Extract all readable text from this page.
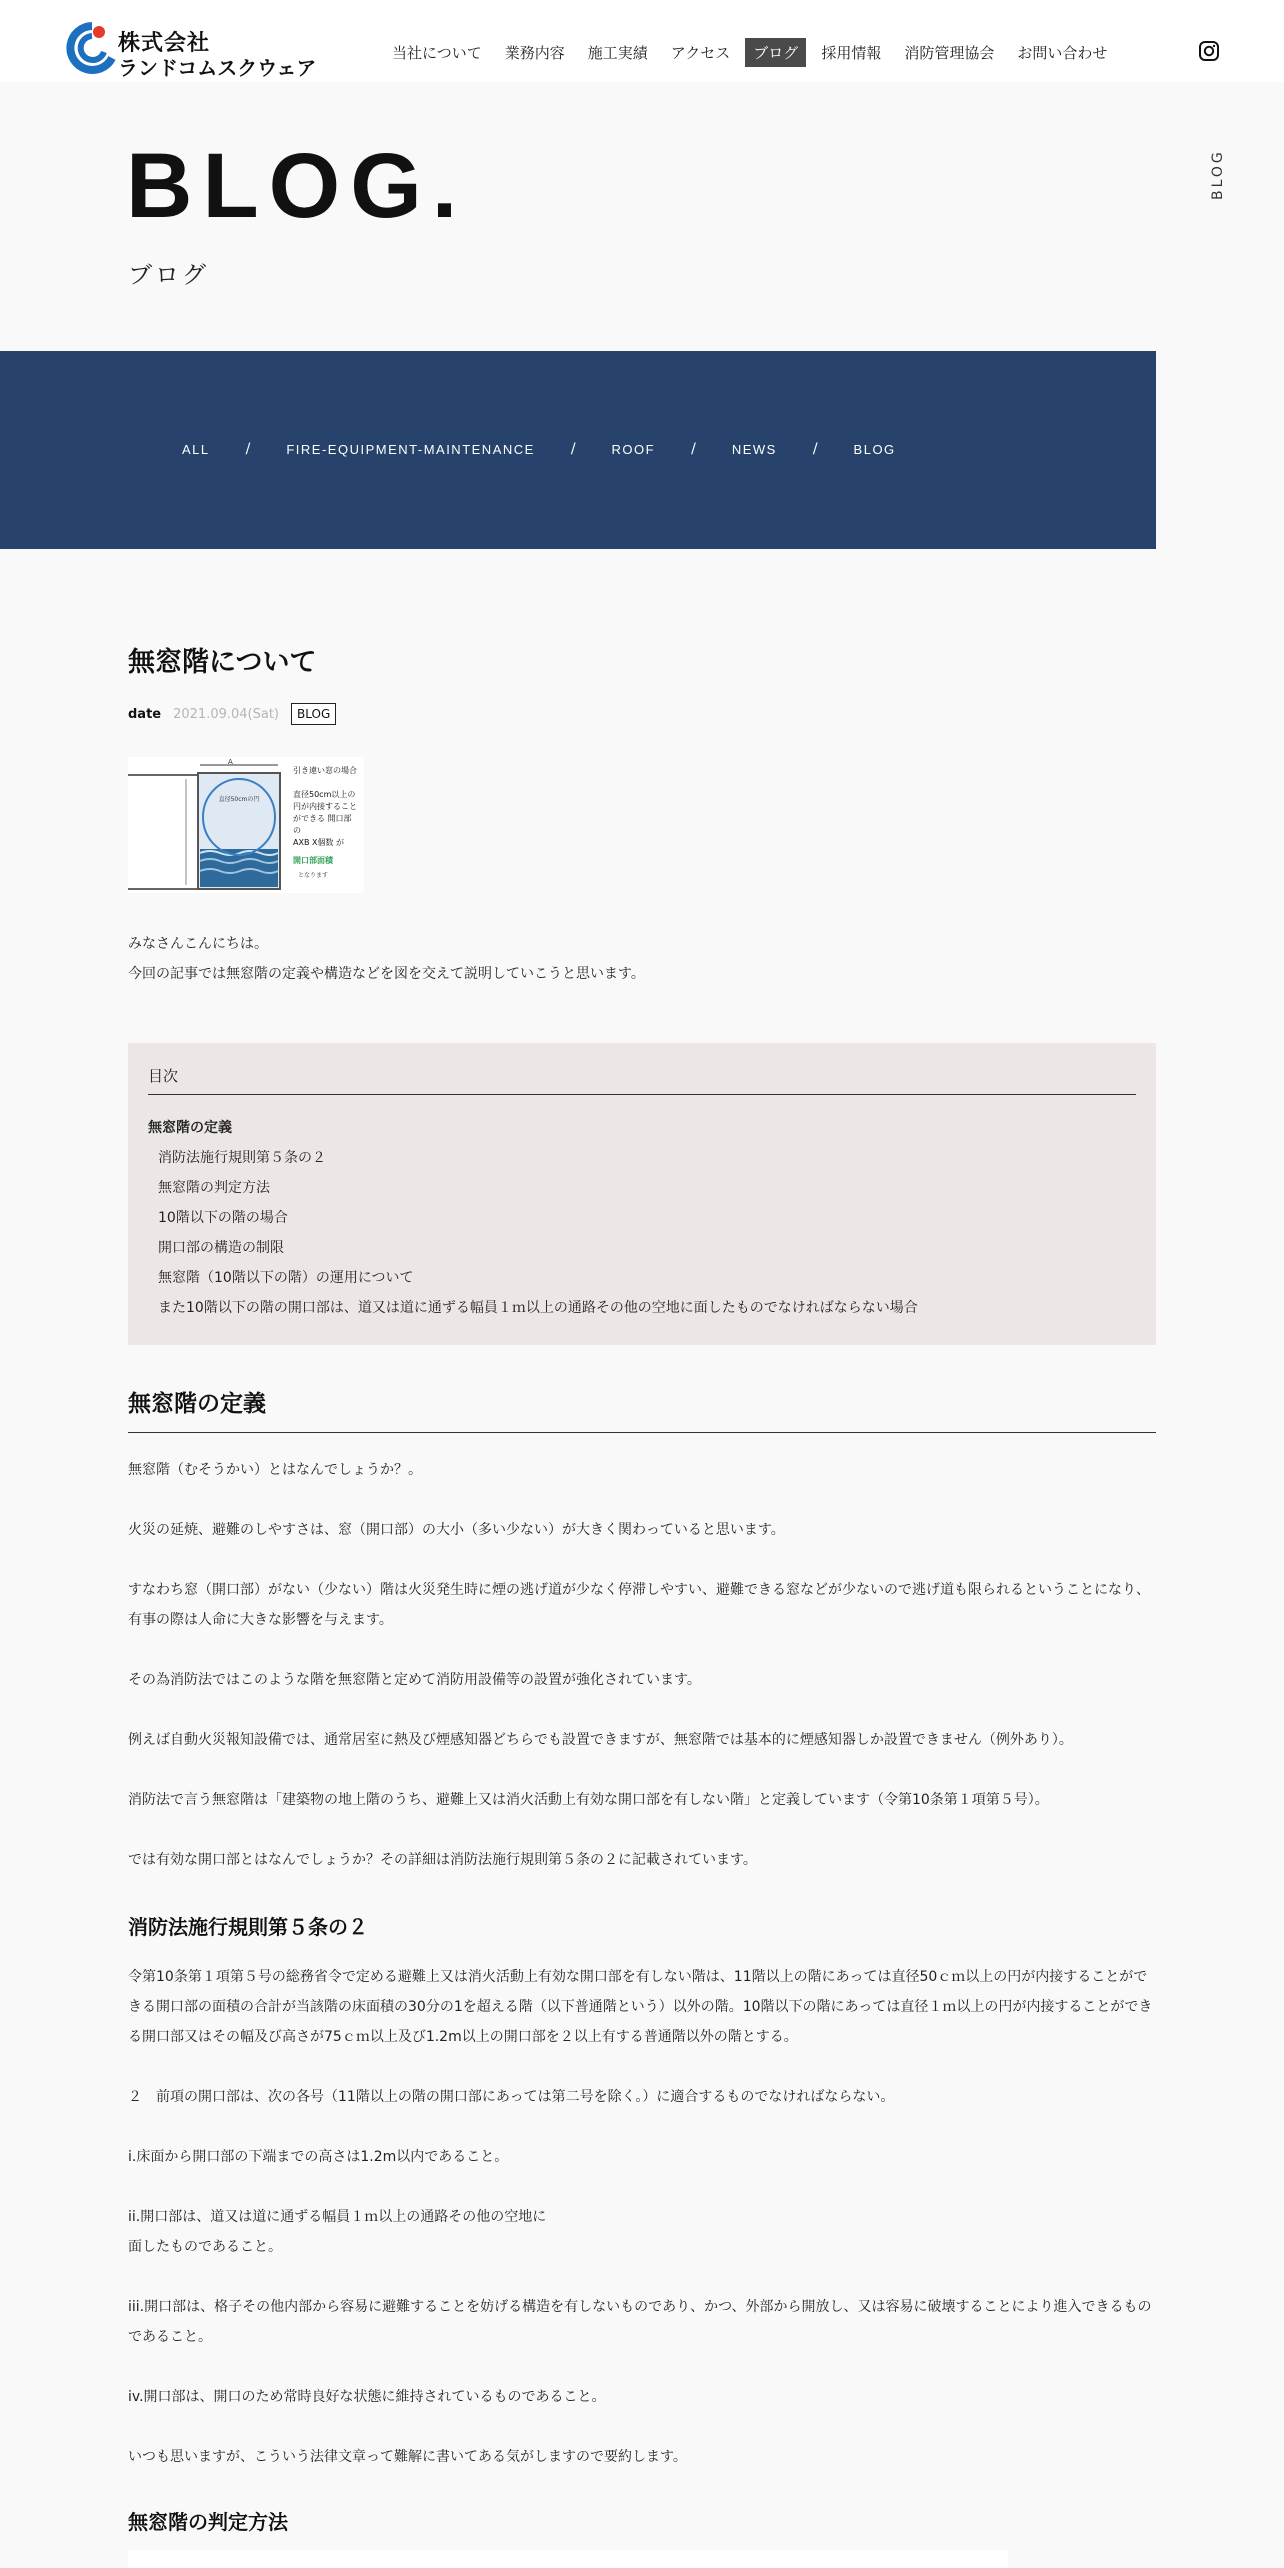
株式会社
ランドコムスクウェア
当社について	業務内容	施工実績	アクセス	ブログ	採用情報	消防管理協会	お問い合わせ
BLOG.
ブログ
BLOG
ALL	/	FIRE-EQUIPMENT-MAINTENANCE	/	ROOF	/	NEWS	/	BLOG
無窓階について
date 2021.09.04(Sat)	BLOG
直径50cmの円
A
引き違い窓の場合
直径50cm以上の
円が内接すること
ができる 開口部
の
AXB X個数 が
開口部面積
となります

みなさんこんにちは。

今回の記事では無窓階の定義や構造などを図を交えて説明していこうと思います。

目次
無窓階の定義
消防法施行規則第５条の２
無窓階の判定方法
10階以下の階の場合
開口部の構造の制限
無窓階（10階以下の階）の運用について
また10階以下の階の開口部は、道又は道に通ずる幅員１ｍ以上の通路その他の空地に面したものでなければならない場合
無窓階の定義

無窓階（むそうかい）とはなんでしょうか？。

火災の延焼、避難のしやすさは、窓（開口部）の大小（多い少ない）が大きく関わっていると思います。

すなわち窓（開口部）がない（少ない）階は火災発生時に煙の逃げ道が少なく停滞しやすい、避難できる窓などが少ないので逃げ道も限られるということになり、有事の際は人命に大きな影響を与えます。

その為消防法ではこのような階を無窓階と定めて消防用設備等の設置が強化されています。

例えば自動火災報知設備では、通常居室に熱及び煙感知器どちらでも設置できますが、無窓階では基本的に煙感知器しか設置できません（例外あり）。

消防法で言う無窓階は「建築物の地上階のうち、避難上又は消火活動上有効な開口部を有しない階」と定義しています（令第10条第１項第５号）。

では有効な開口部とはなんでしょうか？その詳細は消防法施行規則第５条の２に記載されています。

消防法施行規則第５条の２

令第10条第１項第５号の総務省令で定める避難上又は消火活動上有効な開口部を有しない階は、11階以上の階にあっては直径50ｃｍ以上の円が内接することができる開口部の面積の合計が当該階の床面積の30分の1を超える階（以下普通階という）以外の階。10階以下の階にあっては直径１ｍ以上の円が内接することができる開口部又はその幅及び高さが75ｃｍ以上及び1.2m以上の開口部を２以上有する普通階以外の階とする。

２　前項の開口部は、次の各号（11階以上の階の開口部にあっては第二号を除く。）に適合するものでなければならない。

i.床面から開口部の下端までの高さは1.2m以内であること。

ii.開口部は、道又は道に通ずる幅員１ｍ以上の通路その他の空地に

面したものであること。

iii.開口部は、格子その他内部から容易に避難することを妨げる構造を有しないものであり、かつ、外部から開放し、又は容易に破壊することにより進入できるものであること。

iv.開口部は、開口のため常時良好な状態に維持されているものであること。

いつも思いますが、こういう法律文章って難解に書いてある気がしますので要約します。

無窓階の判定方法
